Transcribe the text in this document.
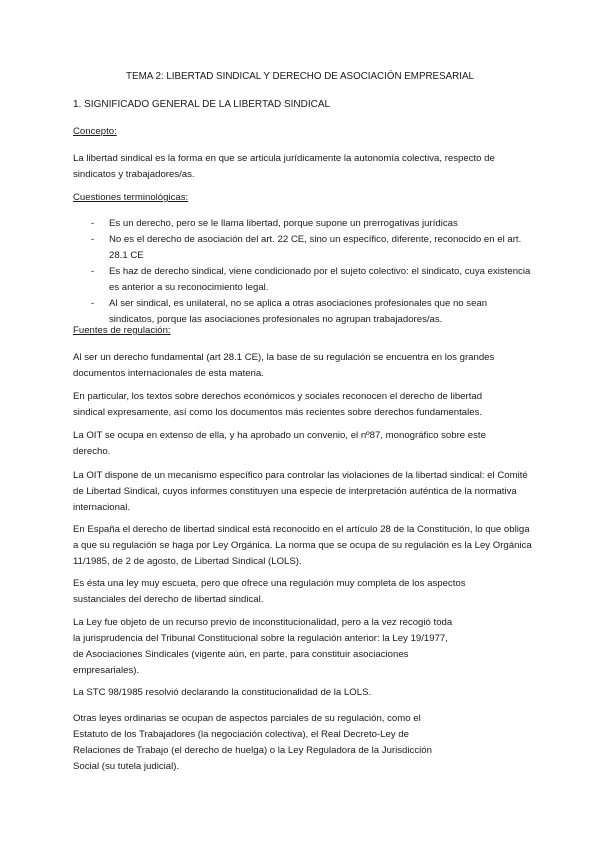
TEMA 2: LIBERTAD SINDICAL Y DERECHO DE ASOCIACIÓN EMPRESARIAL
1. SIGNIFICADO GENERAL DE LA LIBERTAD SINDICAL
Concepto:

La libertad sindical es la forma en que se articula jurídicamente la autonomía colectiva, respecto de sindicatos y trabajadores/as.

Cuestiones terminológicas:
- Es un derecho, pero se le llama libertad, porque supone un prerrogativas jurídicas
- No es el derecho de asociación del art. 22 CE, sino un específico, diferente, reconocido en el art. 28.1 CE
- Es haz de derecho sindical, viene condicionado por el sujeto colectivo: el sindicato, cuya existencia es anterior a su reconocimiento legal.
- Al ser sindical, es unilateral, no se aplica a otras asociaciones profesionales que no sean sindicatos, porque las asociaciones profesionales no agrupan trabajadores/as.
Fuentes de regulación:

Al ser un derecho fundamental (art 28.1 CE), la base de su regulación se encuentra en los grandes documentos internacionales de esta materia.

En particular, los textos sobre derechos económicos y sociales reconocen el derecho de libertad sindical expresamente, así como los documentos más recientes sobre derechos fundamentales.

La OIT se ocupa en extenso de ella, y ha aprobado un convenio, el nº87, monográfico sobre este derecho.

La OIT dispone de un mecanismo específico para controlar las violaciones de la libertad sindical: el Comité de Libertad Sindical, cuyos informes constituyen una especie de interpretación auténtica de la normativa internacional.

En España el derecho de libertad sindical está reconocido en el artículo 28 de la Constitución, lo que obliga a que su regulación se haga por Ley Orgánica. La norma que se ocupa de su regulación es la Ley Orgánica 11/1985, de 2 de agosto, de Libertad Sindical (LOLS).

Es ésta una ley muy escueta, pero que ofrece una regulación muy completa de los aspectos sustanciales del derecho de libertad sindical.

La Ley fue objeto de un recurso previo de inconstitucionalidad, pero a la vez recogió toda la jurisprudencia del Tribunal Constitucional sobre la regulación anterior: la Ley 19/1977, de Asociaciones Sindicales (vigente aún, en parte, para constituir asociaciones empresariales).

La STC 98/1985 resolvió declarando la constitucionalidad de la LOLS.

Otras leyes ordinarias se ocupan de aspectos parciales de su regulación, como el Estatuto de los Trabajadores (la negociación colectiva), el Real Decreto-Ley de Relaciones de Trabajo (el derecho de huelga) o la Ley Reguladora de la Jurisdicción Social (su tutela judicial).
